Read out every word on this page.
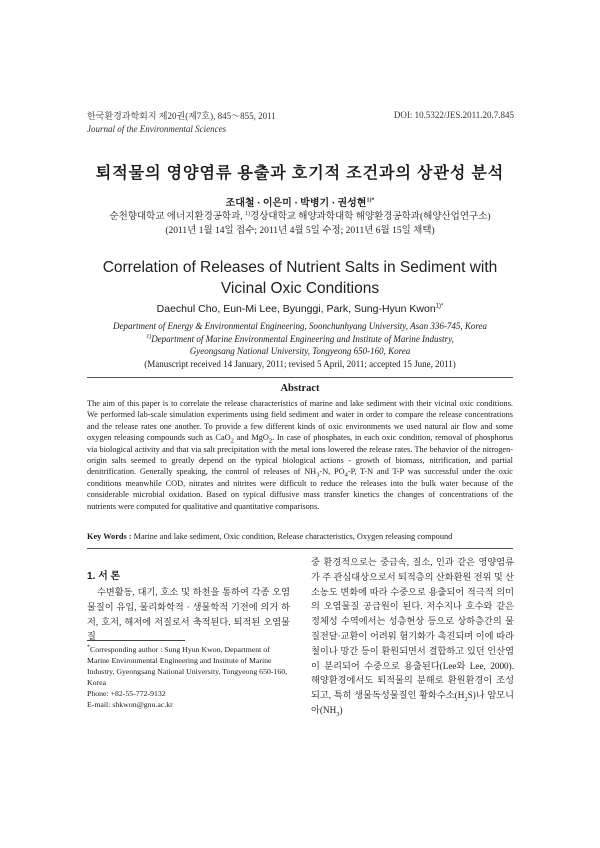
한국환경과학회지 제20권(제7호), 845～855, 2011
Journal of the Environmental Sciences
DOI: 10.5322/JES.2011.20.7.845
퇴적물의 영양염류 용출과 호기적 조건과의 상관성 분석
조대철 · 이은미 · 박병기 · 권성현$^{1)*}$
순천향대학교 에너지환경공학과, $^{1)}$경상대학교 해양과학대학 해양환경공학과(해양산업연구소)
(2011년 1월 14일 접수; 2011년 4월 5일 수정; 2011년 6월 15일 채택)
Correlation of Releases of Nutrient Salts in Sediment with
Vicinal Oxic Conditions
Daechul Cho, Eun-Mi Lee, Byunggi, Park, Sung-Hyun Kwon$^{1)*}$
Department of Energy & Environmental Engineering, Soonchunhyang University, Asan 336-745, Korea
$^{1)}$Department of Marine Environmental Engineering and Institute of Marine Industry,
Gyeongsang National University, Tongyeong 650-160, Korea
(Manuscript received 14 January, 2011; revised 5 April, 2011; accepted 15 June, 2011)
Abstract
The aim of this paper is to correlate the release characteristics of marine and lake sediment with their vicinal oxic conditions. We performed lab-scale simulation experiments using field sediment and water in order to compare the release concentrations and the release rates one another. To provide a few different kinds of oxic environments we used natural air flow and some oxygen releasing compounds such as CaO$_2$ and MgO$_2$. In case of phosphates, in each oxic condition, removal of phosphorus via biological activity and that via salt precipitation with the metal ions lowered the release rates. The behavior of the nitrogen-origin salts seemed to greatly depend on the typical biological actions - growth of biomass, nitrification, and partial denitrification. Generally speaking, the control of releases of $NH_3-N$, $PO_4-P$, T-N and T-P was successful under the oxic conditions meanwhile COD, nitrates and nitrites were difficult to reduce the releases into the bulk water because of the considerable microbial oxidation. Based on typical diffusive mass transfer kinetics the changes of concentrations of the nutrients were computed for qualitative and quantitative comparisons.
Key Words : Marine and lake sediment, Oxic condition, Release characteristics, Oxygen releasing compound
1. 서 론
수변활동, 대기, 호소 및 하천을 통하여 각종 오염물질이 유입, 물리화학적 · 생물학적 기전에 의거 하저, 호저, 해저에 저질로서 축적된다. 퇴적된 오염물질
*Corresponding author : Sung Hyun Kwon, Department of Marine Environmental Engineering and Institute of Marine Industry, Gyeongsang National University, Tongyeong 650-160, Korea
Phone: +82-55-772-9132
E-mail: shkwon@gnu.ac.kr
중 환경적으로는 중금속, 질소, 인과 같은 영양염류가 주 관심대상으로서 퇴적층의 산화환원 전위 및 산소농도 변화에 따라 수중으로 용출되어 적극적 의미의 오염물질 공급원이 된다. 저수지나 호수와 같은 정체성 수역에서는 성층현상 등으로 상하층간의 물질전달·교환이 어려워 혐기화가 촉진되며 이에 따라 철이나 망간 등이 환원되면서 결합하고 있던 인산염이 분리되어 수중으로 용출된다(Lee와 Lee, 2000). 해양환경에서도 퇴적물의 분해로 환원환경이 조성되고, 특히 생물독성물질인 황화수소$(H_2S)$나 암모니아$(NH_3)$
